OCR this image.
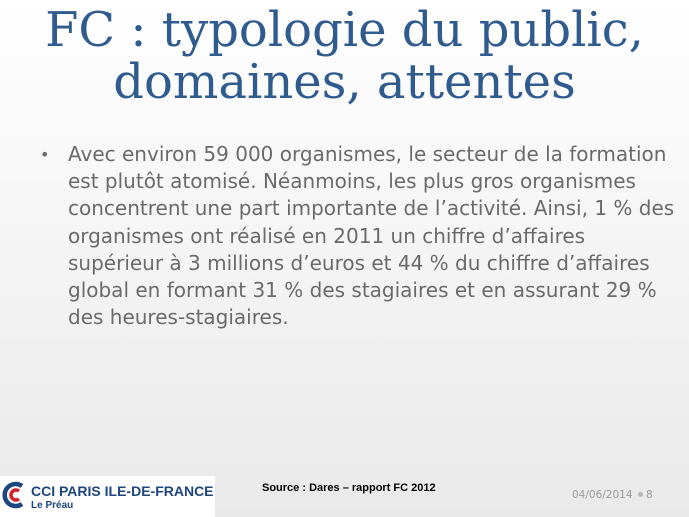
FC : typologie du public,
domaines, attentes
• Avec environ 59 000 organismes, le secteur de la formation est plutôt atomisé. Néanmoins, les plus gros organismes concentrent une part importante de l’activité. Ainsi, 1 % des organismes ont réalisé en 2011 un chiffre d’affaires supérieur à 3 millions d’euros et 44 % du chiffre d’affaires global en formant 31 % des stagiaires et en assurant 29 % des heures-stagiaires.

CCI PARIS ILE-DE-FRANCE
Le Préau
Source : Dares – rapport FC 2012
04/06/2014 8
